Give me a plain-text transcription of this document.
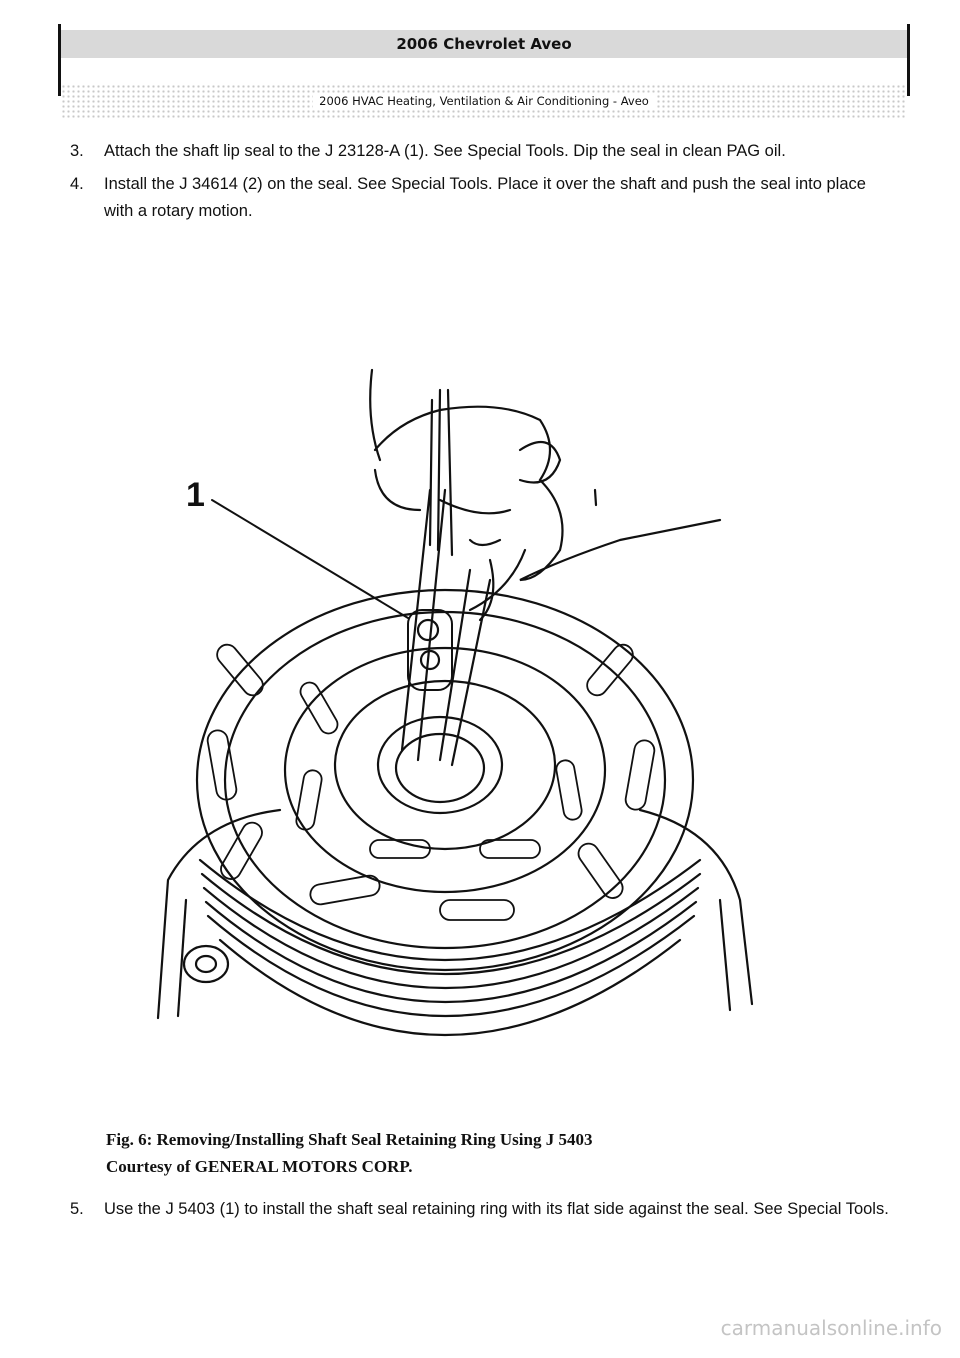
2006 Chevrolet Aveo
2006 HVAC Heating, Ventilation & Air Conditioning - Aveo
3. Attach the shaft lip seal to the J 23128-A (1). See Special Tools. Dip the seal in clean PAG oil.
4. Install the J 34614 (2) on the seal. See Special Tools. Place it over the shaft and push the seal into place with a rotary motion.
1
Fig. 6: Removing/Installing Shaft Seal Retaining Ring Using J 5403
Courtesy of GENERAL MOTORS CORP.
5. Use the J 5403 (1) to install the shaft seal retaining ring with its flat side against the seal. See Special Tools.
carmanualsonline.info
